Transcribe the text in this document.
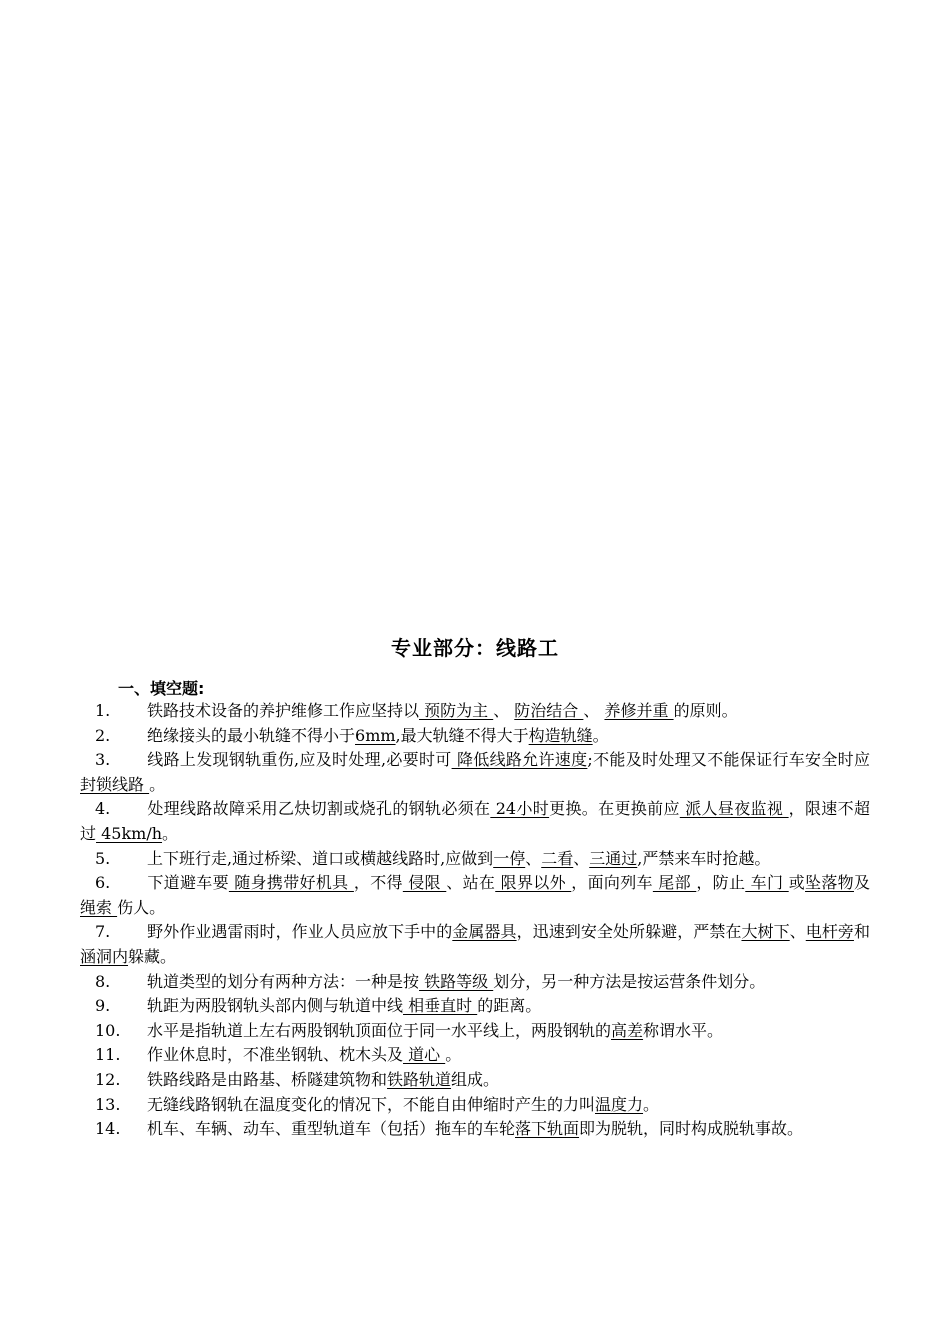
专业部分：线路工
一、填空题:

1. 铁路技术设备的养护维修工作应坚持以 预防为主 、 防治结合 、 养修并重 的原则。

2. 绝缘接头的最小轨缝不得小于6mm,最大轨缝不得大于构造轨缝。

3. 线路上发现钢轨重伤,应及时处理,必要时可 降低线路允许速度;不能及时处理又不能保证行车安全时应 封锁线路 。

4. 处理线路故障采用乙炔切割或烧孔的钢轨必须在 24小时更换。在更换前应 派人昼夜监视 ，限速不超过 45km/h。

5. 上下班行走,通过桥梁、道口或横越线路时,应做到一停、二看、三通过,严禁来车时抢越。

6. 下道避车要 随身携带好机具 ，不得 侵限 、站在 限界以外 ，面向列车 尾部 ，防止 车门 或坠落物及 绳索 伤人。

7. 野外作业遇雷雨时，作业人员应放下手中的金属器具，迅速到安全处所躲避，严禁在大树下、电杆旁和涵洞内躲藏。

8. 轨道类型的划分有两种方法：一种是按 铁路等级 划分，另一种方法是按运营条件划分。

9. 轨距为两股钢轨头部内侧与轨道中线 相垂直时 的距离。

10. 水平是指轨道上左右两股钢轨顶面位于同一水平线上，两股钢轨的高差称谓水平。

11. 作业休息时，不准坐钢轨、枕木头及 道心 。

12. 铁路线路是由路基、桥隧建筑物和铁路轨道组成。

13. 无缝线路钢轨在温度变化的情况下，不能自由伸缩时产生的力叫温度力。

14. 机车、车辆、动车、重型轨道车（包括）拖车的车轮落下轨面即为脱轨，同时构成脱轨事故。
